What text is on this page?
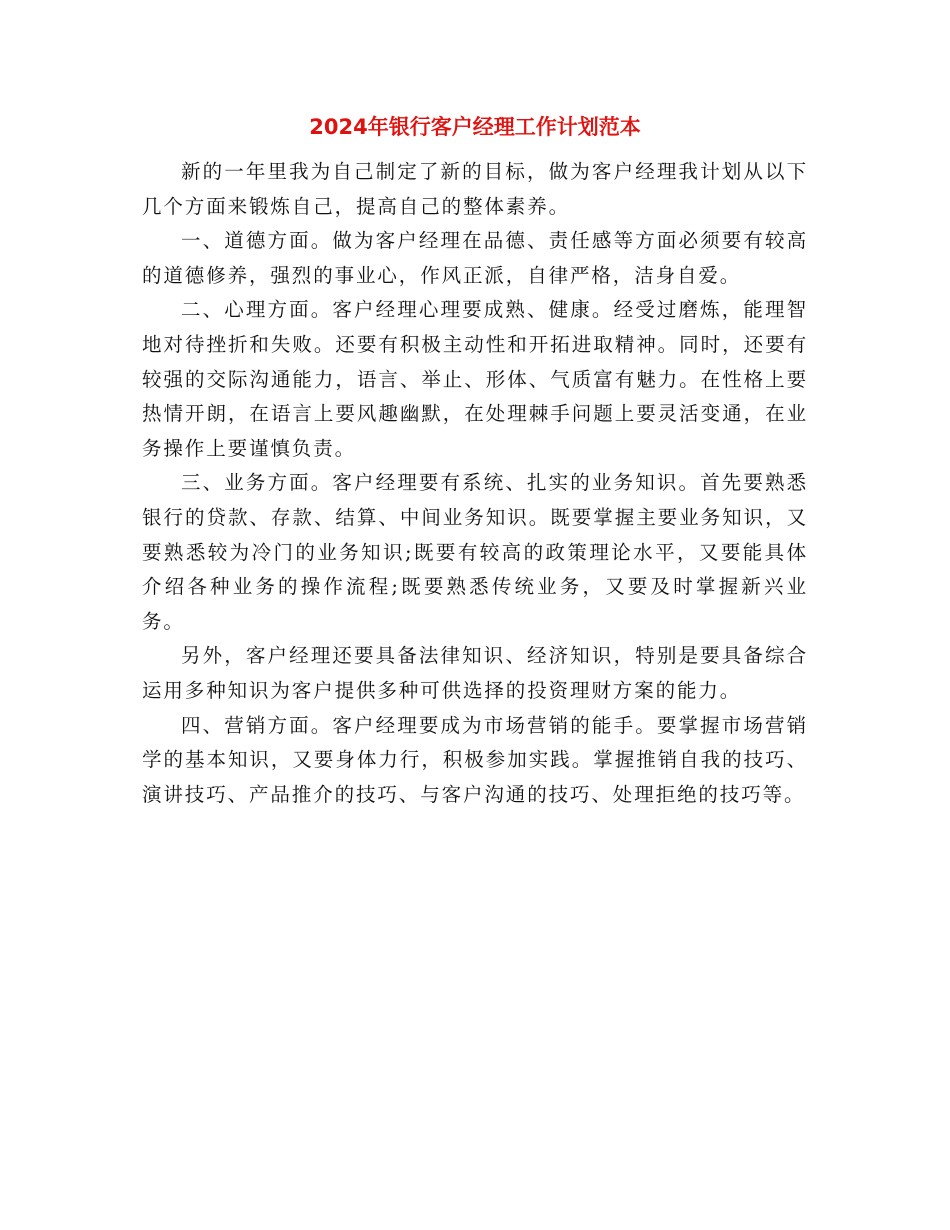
2024年银行客户经理工作计划范本

新的一年里我为自己制定了新的目标，做为客户经理我计划从以下几个方面来锻炼自己，提高自己的整体素养。

一、道德方面。做为客户经理在品德、责任感等方面必须要有较高的道德修养，强烈的事业心，作风正派，自律严格，洁身自爱。

二、心理方面。客户经理心理要成熟、健康。经受过磨炼，能理智地对待挫折和失败。还要有积极主动性和开拓进取精神。同时，还要有较强的交际沟通能力，语言、举止、形体、气质富有魅力。在性格上要热情开朗，在语言上要风趣幽默，在处理棘手问题上要灵活变通，在业务操作上要谨慎负责。

三、业务方面。客户经理要有系统、扎实的业务知识。首先要熟悉银行的贷款、存款、结算、中间业务知识。既要掌握主要业务知识，又要熟悉较为冷门的业务知识;既要有较高的政策理论水平，又要能具体介绍各种业务的操作流程;既要熟悉传统业务，又要及时掌握新兴业务。

另外，客户经理还要具备法律知识、经济知识，特别是要具备综合运用多种知识为客户提供多种可供选择的投资理财方案的能力。

四、营销方面。客户经理要成为市场营销的能手。要掌握市场营销学的基本知识，又要身体力行，积极参加实践。掌握推销自我的技巧、演讲技巧、产品推介的技巧、与客户沟通的技巧、处理拒绝的技巧等。
